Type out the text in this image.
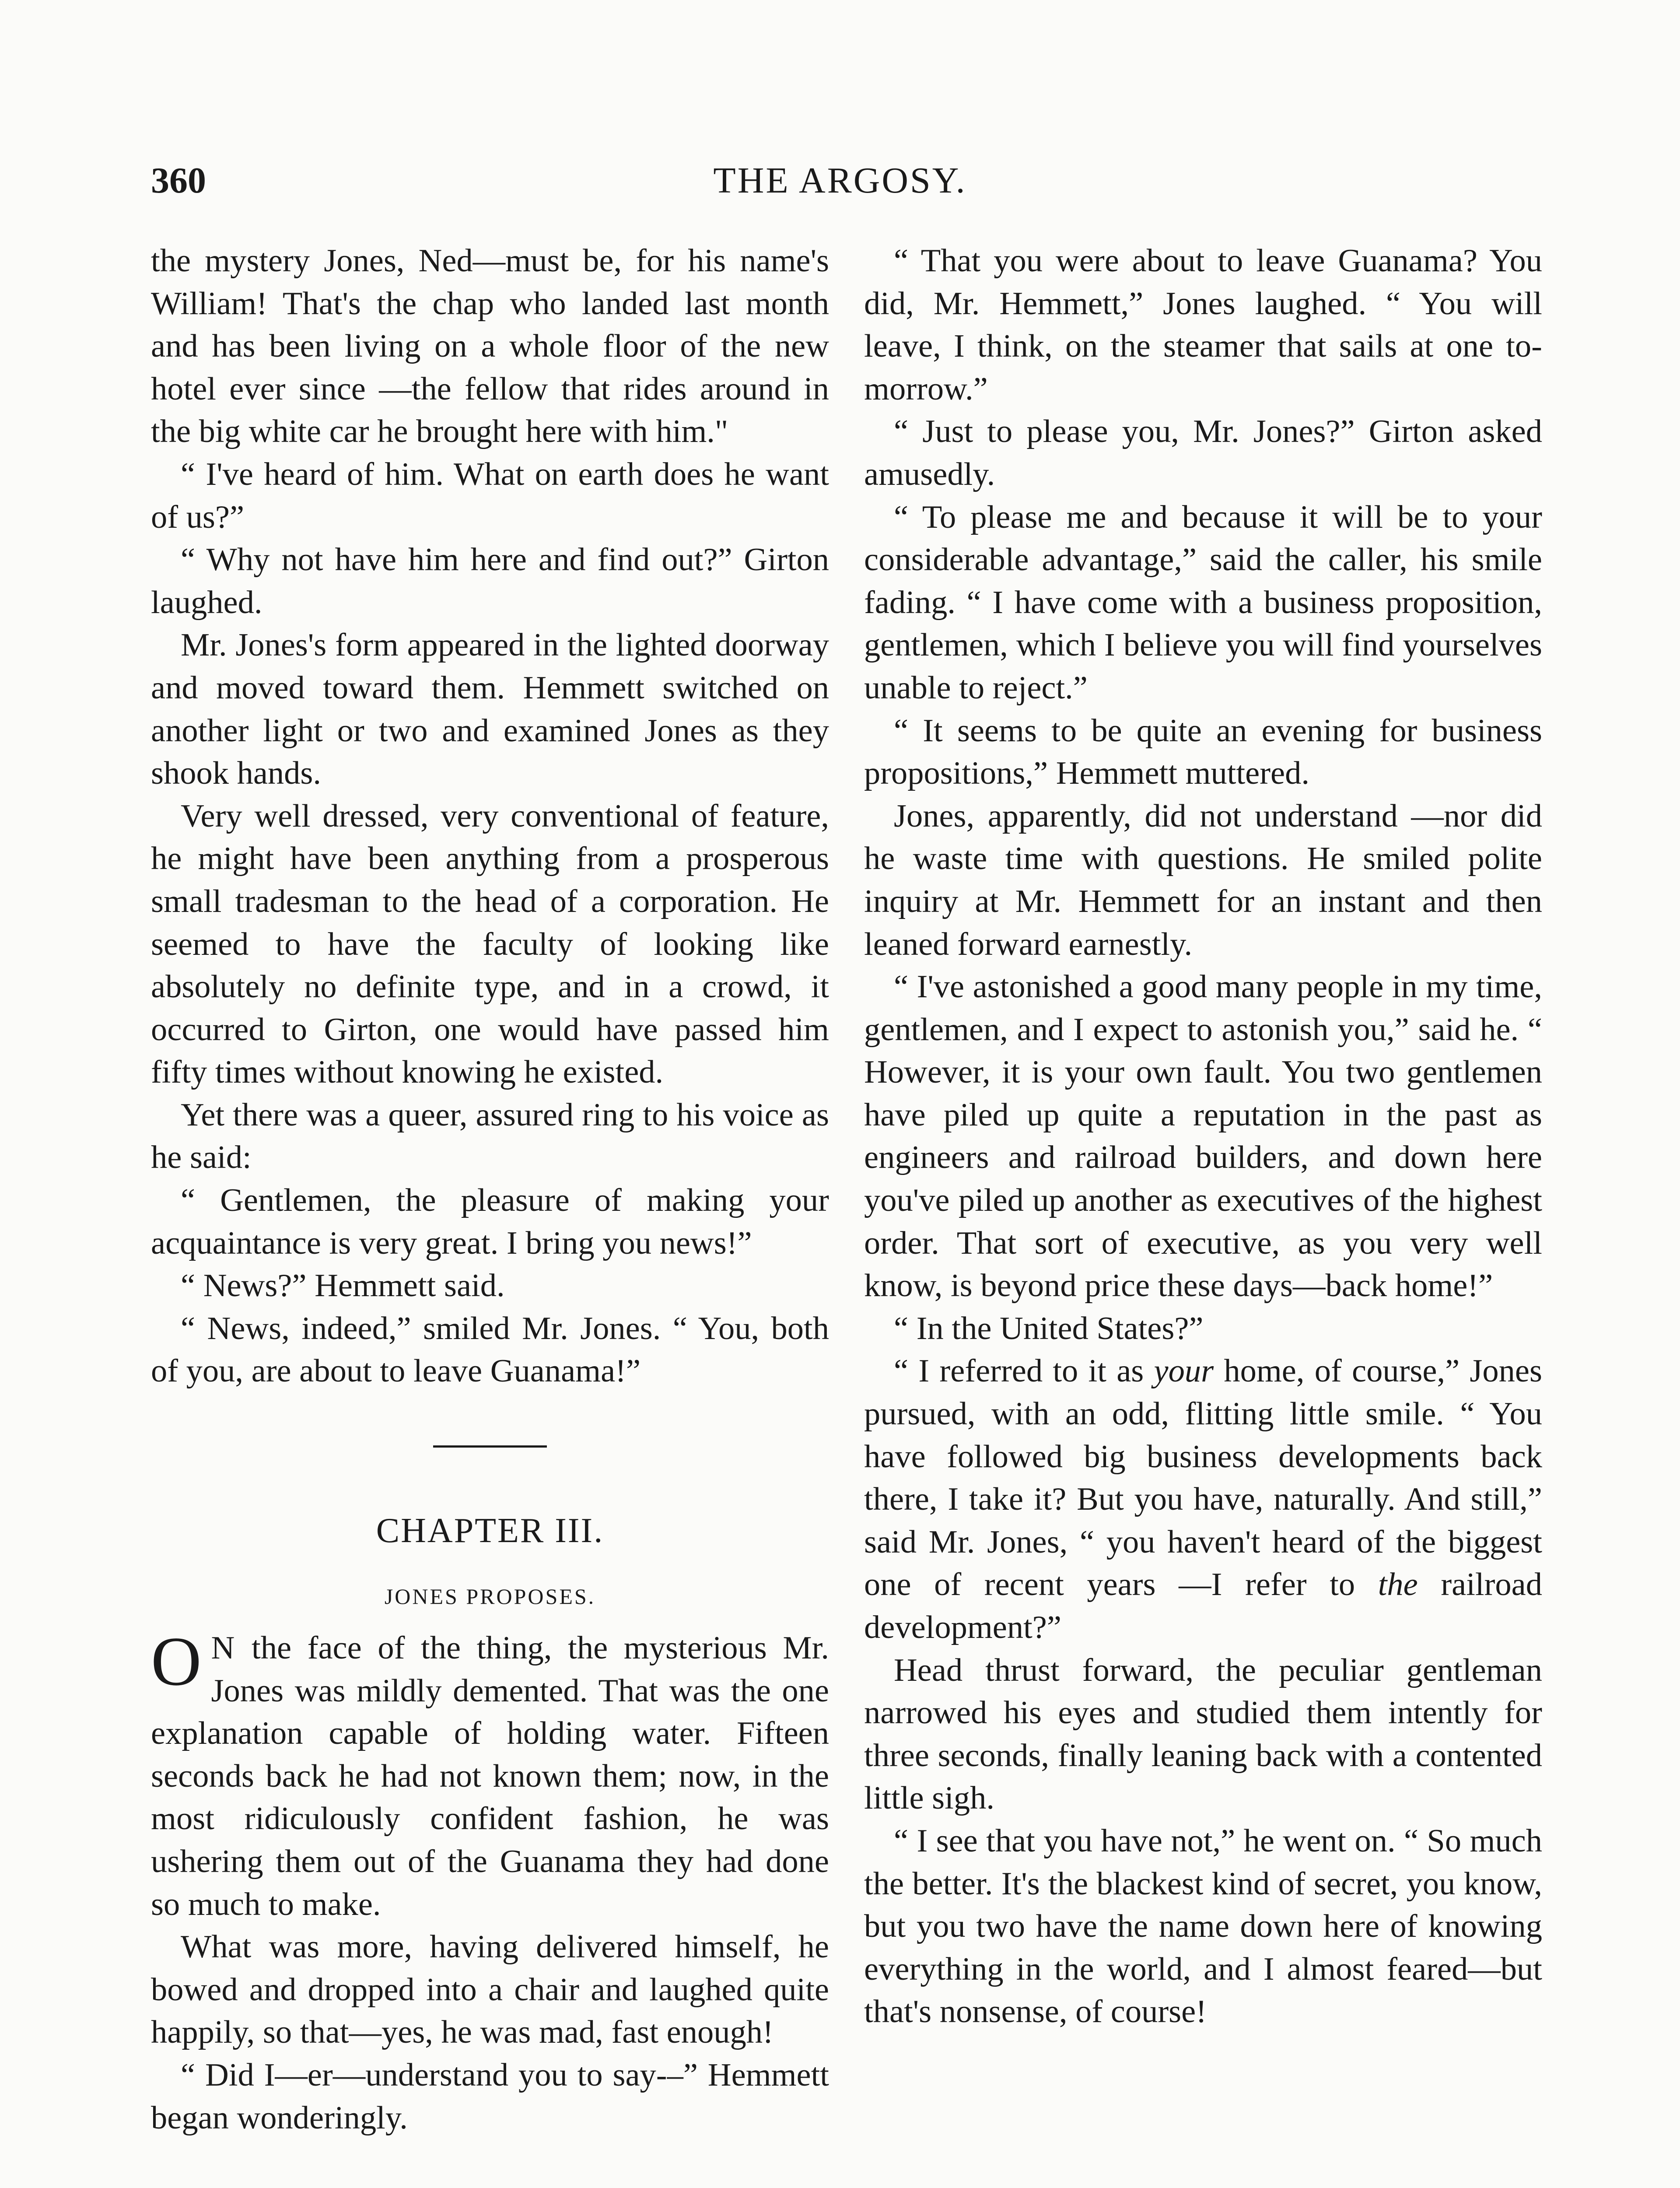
360	THE ARGOSY.

the mystery Jones, Ned—must be, for his name's William! That's the chap who landed last month and has been living on a whole floor of the new hotel ever since —the fellow that rides around in the big white car he brought here with him."

“ I've heard of him. What on earth does he want of us?”

“ Why not have him here and find out?” Girton laughed.

Mr. Jones's form appeared in the lighted doorway and moved toward them. Hemmett switched on another light or two and examined Jones as they shook hands.

Very well dressed, very conventional of feature, he might have been anything from a prosperous small tradesman to the head of a corporation. He seemed to have the faculty of looking like absolutely no definite type, and in a crowd, it occurred to Girton, one would have passed him fifty times without knowing he existed.

Yet there was a queer, assured ring to his voice as he said:

“ Gentlemen, the pleasure of making your acquaintance is very great. I bring you news!”

“ News?” Hemmett said.

“ News, indeed,” smiled Mr. Jones. “ You, both of you, are about to leave Guanama!”

CHAPTER III.
JONES PROPOSES.

O N the face of the thing, the mysterious Mr. Jones was mildly demented. That was the one explanation capable of holding water. Fifteen seconds back he had not known them; now, in the most ridiculously confident fashion, he was ushering them out of the Guanama they had done so much to make.

What was more, having delivered himself, he bowed and dropped into a chair and laughed quite happily, so that—yes, he was mad, fast enough!

“ Did I—er—understand you to say-–” Hemmett began wonderingly.

“ That you were about to leave Guanama? You did, Mr. Hemmett,” Jones laughed. “ You will leave, I think, on the steamer that sails at one to-morrow.”

“ Just to please you, Mr. Jones?” Girton asked amusedly.

“ To please me and because it will be to your considerable advantage,” said the caller, his smile fading. “ I have come with a business proposition, gentlemen, which I believe you will find yourselves unable to reject.”

“ It seems to be quite an evening for business propositions,” Hemmett muttered.

Jones, apparently, did not understand —nor did he waste time with questions. He smiled polite inquiry at Mr. Hemmett for an instant and then leaned forward earnestly.

“ I've astonished a good many people in my time, gentlemen, and I expect to astonish you,” said he. “ However, it is your own fault. You two gentlemen have piled up quite a reputation in the past as engineers and railroad builders, and down here you've piled up another as executives of the highest order. That sort of executive, as you very well know, is beyond price these days—back home!”

“ In the United States?”

“ I referred to it as your home, of course,” Jones pursued, with an odd, flitting little smile. “ You have followed big business developments back there, I take it? But you have, naturally. And still,” said Mr. Jones, “ you haven't heard of the biggest one of recent years —I refer to the railroad development?”

Head thrust forward, the peculiar gentleman narrowed his eyes and studied them intently for three seconds, finally leaning back with a contented little sigh.

“ I see that you have not,” he went on. “ So much the better. It's the blackest kind of secret, you know, but you two have the name down here of knowing everything in the world, and I almost feared—but that's nonsense, of course!
